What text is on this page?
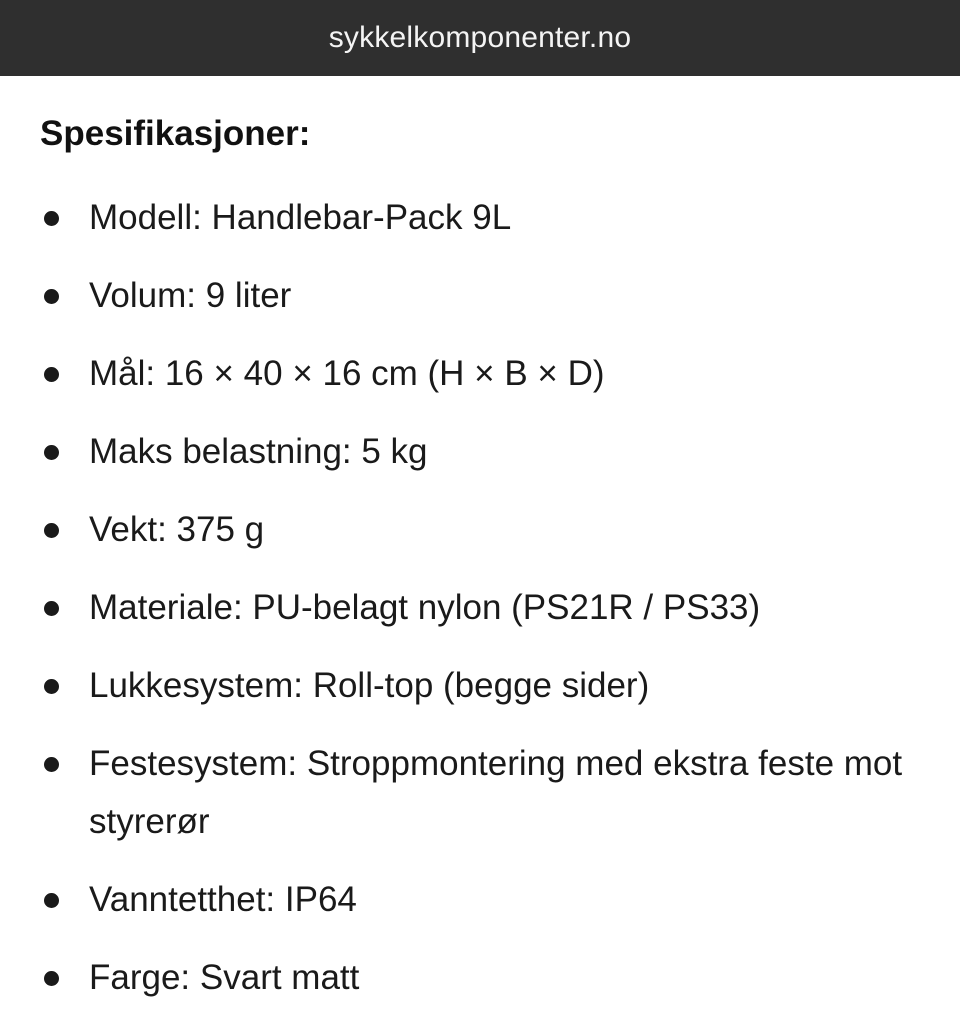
sykkelkomponenter.no
Spesifikasjoner:
Modell: Handlebar-Pack 9L
Volum: 9 liter
Mål: 16 × 40 × 16 cm (H × B × D)
Maks belastning: 5 kg
Vekt: 375 g
Materiale: PU-belagt nylon (PS21R / PS33)
Lukkesystem: Roll-top (begge sider)
Festesystem: Stroppmontering med ekstra feste mot styrerør
Vanntetthet: IP64
Farge: Svart matt
